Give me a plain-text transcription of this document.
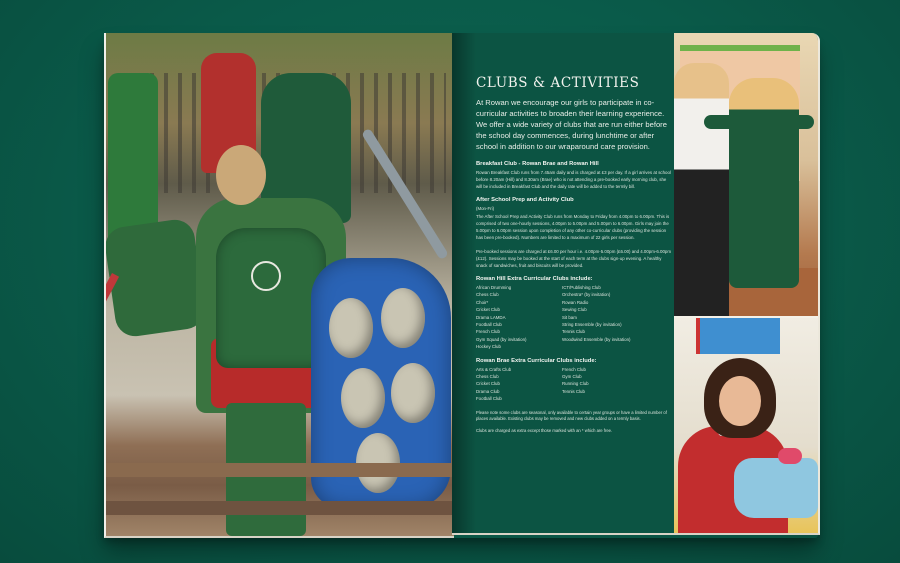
CLUBS & ACTIVITIES

At Rowan we encourage our girls to participate in co-curricular activities to broaden their learning experience. We offer a wide variety of clubs that are run either before the school day commences, during lunchtime or after school in addition to our wraparound care provision.

Breakfast Club - Rowan Brae and Rowan Hill

Rowan Breakfast Club runs from 7.45am daily and is charged at £3 per day. If a girl arrives at school before 8.20am (Hill) and 8.30am (Brae) who is not attending a pre-booked early morning club, she will be included in Breakfast Club and the daily rate will be added to the termly bill.

After School Prep and Activity Club
(Mon-Fri)

The After School Prep and Activity Club runs from Monday to Friday from 4.00pm to 6.00pm. This is comprised of two one-hourly sessions, 4.00pm to 5.00pm and 5.00pm to 6.00pm. Girls may join the 5.00pm to 6.00pm session upon completion of any other co-curricular clubs (providing the session has been pre-booked). Numbers are limited to a maximum of 22 girls per session.

Pre-booked sessions are charged at £6.00 per hour i.e. 4.00pm-5.00pm (£6.00) and 4.00pm-6.00pm (£12). Sessions may be booked at the start of each term at the clubs sign-up evening. A healthy snack of sandwiches, fruit and biscuits will be provided.

Rowan Hill Extra Curricular Clubs include:
African Drumming
Chess Club
Choir*
Cricket Club
Drama LAMDA
Football Club
French Club
Gym Squad (by invitation)
Hockey Club
ICT/Publishing Club
Orchestra* (by invitation)
Rowan Radio
Sewing Club
Sit bam
String Ensemble (by invitation)
Tennis Club
Woodwind Ensemble (by invitation)
Rowan Brae Extra Curricular Clubs include:
Arts & Crafts Club
Chess Club
Cricket Club
Drama Club
Football Club
French Club
Gym Club
Running Club
Tennis Club

Please note some clubs are seasonal, only available to certain year groups or have a limited number of places available. Existing clubs may be removed and new clubs added on a termly basis.

Clubs are charged as extra except those marked with an * which are free.
